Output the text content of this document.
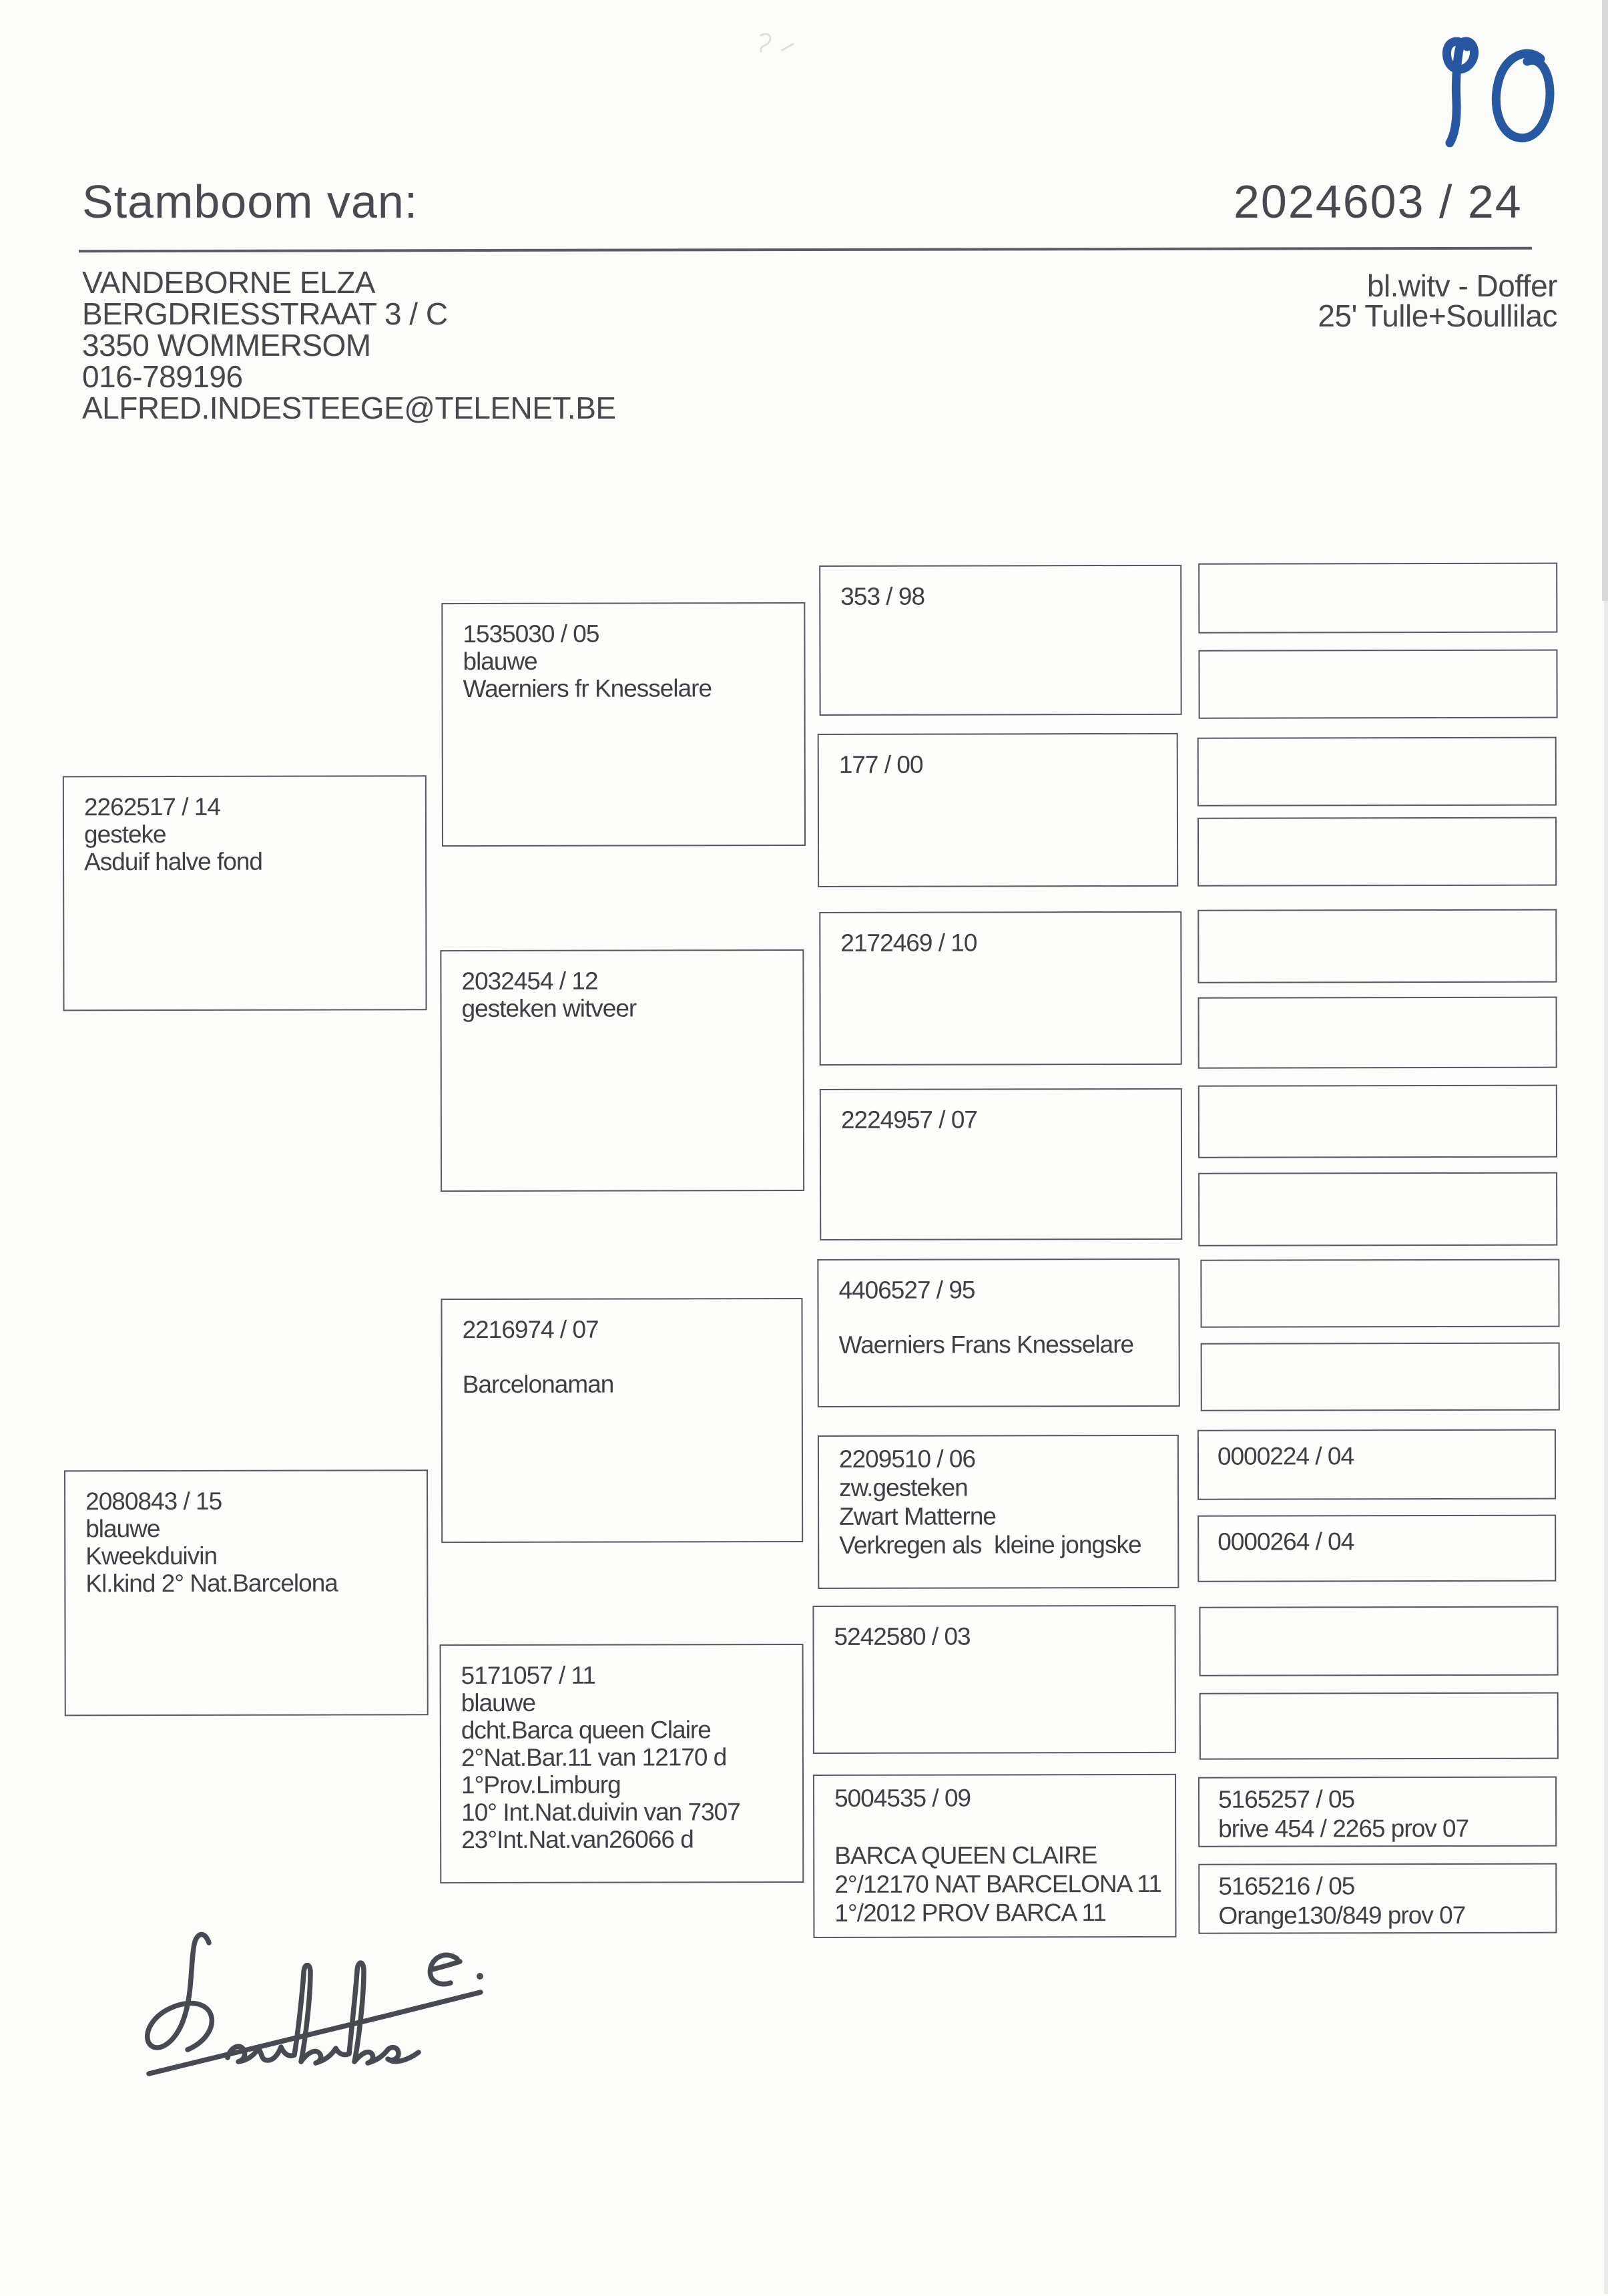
Stamboom van:	2024603 / 24
VANDEBORNE ELZA
BERGDRIESSTRAAT 3 / C
3350 WOMMERSOM
016-789196
ALFRED.INDESTEEGE@TELENET.BE
bl.witv - Doffer
25' Tulle+Soullilac
2262517 / 14
gesteke
Asduif halve fond
2080843 / 15
blauwe
Kweekduivin
Kl.kind 2° Nat.Barcelona
1535030 / 05
blauwe
Waerniers fr Knesselare
2032454 / 12
gesteken witveer
2216974 / 07
Barcelonaman
5171057 / 11
blauwe
dcht.Barca queen Claire
2°Nat.Bar.11 van 12170 d
1°Prov.Limburg
10° Int.Nat.duivin van 7307
23°Int.Nat.van26066 d
353 / 98
177 / 00
2172469 / 10
2224957 / 07
4406527 / 95
Waerniers Frans Knesselare
2209510 / 06
zw.gesteken
Zwart Matterne
Verkregen als  kleine jongske
5242580 / 03
5004535 / 09
BARCA QUEEN CLAIRE
2°/12170 NAT BARCELONA 11
1°/2012 PROV BARCA 11
0000224 / 04
0000264 / 04
5165257 / 05
brive 454 / 2265 prov 07
5165216 / 05
Orange130/849 prov 07
